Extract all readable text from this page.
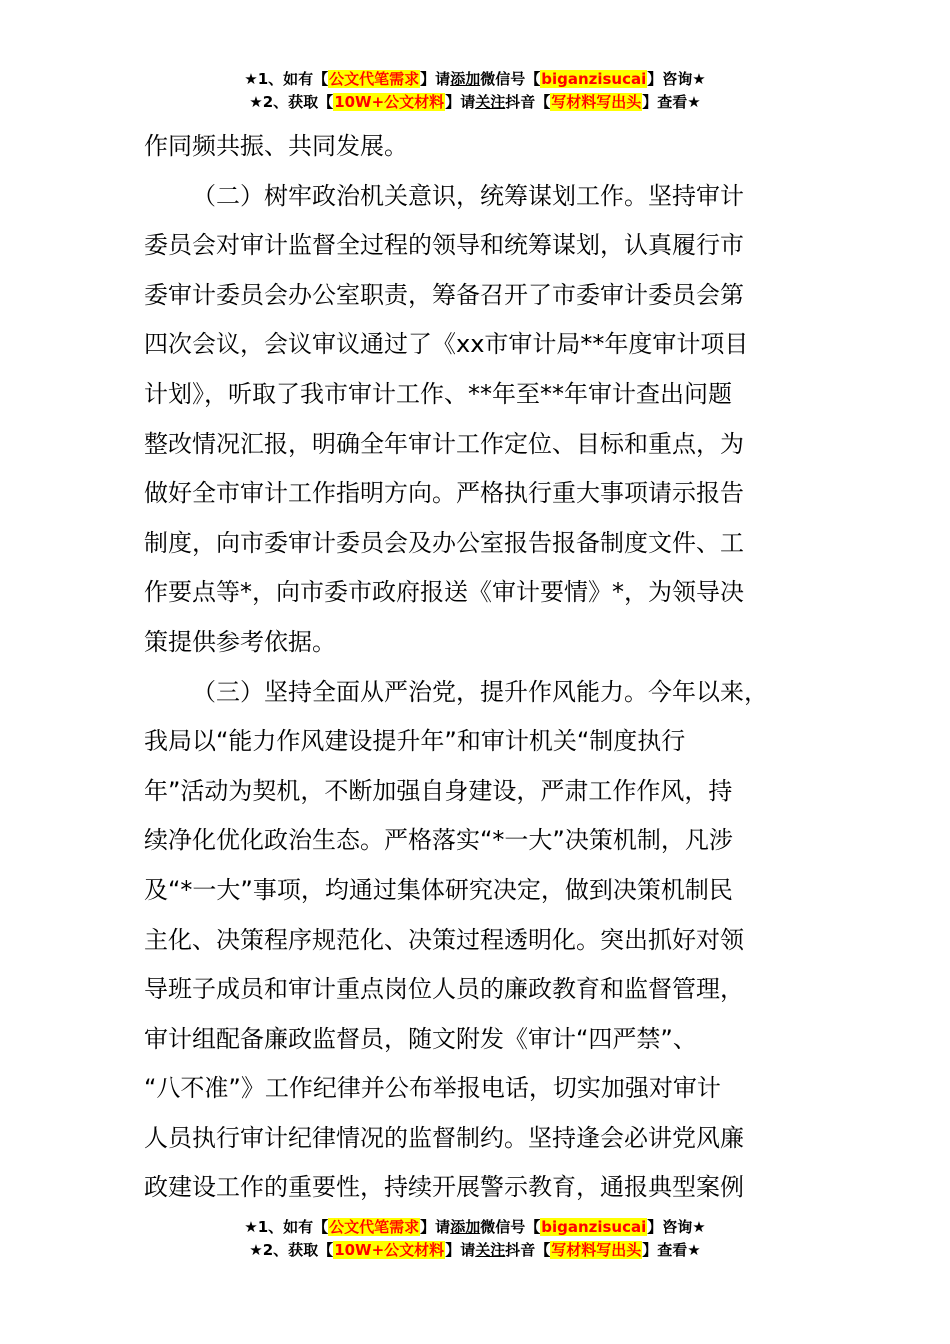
★1、如有【公文代笔需求】请添加微信号【biganzisucai】咨询★
★2、获取【10W+公文材料】请关注抖音【写材料写出头】查看★
作同频共振、共同发展。
（二）树牢政治机关意识，统筹谋划工作。坚持审计
委员会对审计监督全过程的领导和统筹谋划，认真履行市
委审计委员会办公室职责，筹备召开了市委审计委员会第
四次会议，会议审议通过了《xx市审计局**年度审计项目
计划》，听取了我市审计工作、**年至**年审计查出问题
整改情况汇报，明确全年审计工作定位、目标和重点，为
做好全市审计工作指明方向。严格执行重大事项请示报告
制度，向市委审计委员会及办公室报告报备制度文件、工
作要点等*，向市委市政府报送《审计要情》*，为领导决
策提供参考依据。
（三）坚持全面从严治党，提升作风能力。今年以来，
我局以“能力作风建设提升年”和审计机关“制度执行
年”活动为契机，不断加强自身建设，严肃工作作风，持
续净化优化政治生态。严格落实“*一大”决策机制，凡涉
及“*一大”事项，均通过集体研究决定，做到决策机制民
主化、决策程序规范化、决策过程透明化。突出抓好对领
导班子成员和审计重点岗位人员的廉政教育和监督管理，
审计组配备廉政监督员，随文附发《审计“四严禁”、
“八不准”》工作纪律并公布举报电话，切实加强对审计
人员执行审计纪律情况的监督制约。坚持逢会必讲党风廉
政建设工作的重要性，持续开展警示教育，通报典型案例
★1、如有【公文代笔需求】请添加微信号【biganzisucai】咨询★
★2、获取【10W+公文材料】请关注抖音【写材料写出头】查看★
